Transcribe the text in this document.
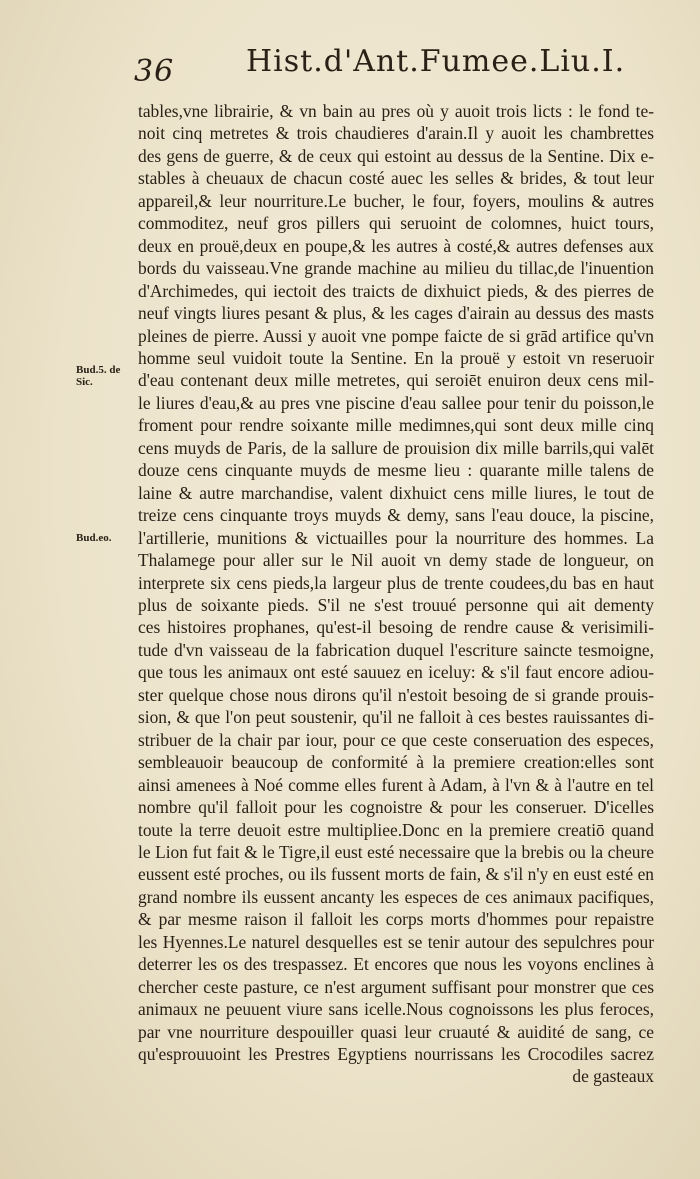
36 Hist.d'Ant.Fumee.Liu.I.
Bud.5. de Sic.
Bud.eo.
tables,vne librairie, & vn bain au pres où y auoit trois licts : le fond te-
noit cinq metretes & trois chaudieres d'arain.Il y auoit les chambrettes
des gens de guerre, & de ceux qui estoint au dessus de la Sentine. Dix e-
stables à cheuaux de chacun costé auec les selles & brides, & tout leur
appareil,& leur nourriture.Le bucher, le four, foyers, moulins & autres
commoditez, neuf gros pillers qui seruoint de colomnes, huict tours,
deux en prouë,deux en poupe,& les autres à costé,& autres defenses aux
bords du vaisseau.Vne grande machine au milieu du tillac,de l'inuention
d'Archimedes, qui iectoit des traicts de dixhuict pieds, & des pierres de
neuf vingts liures pesant & plus, & les cages d'airain au dessus des masts
pleines de pierre. Aussi y auoit vne pompe faicte de si grād artifice qu'vn
homme seul vuidoit toute la Sentine. En la prouë y estoit vn reseruoir
d'eau contenant deux mille metretes, qui seroiēt enuiron deux cens mil-
le liures d'eau,& au pres vne piscine d'eau sallee pour tenir du poisson,le
froment pour rendre soixante mille medimnes,qui sont deux mille cinq
cens muyds de Paris, de la sallure de prouision dix mille barrils,qui valēt
douze cens cinquante muyds de mesme lieu : quarante mille talens de
laine & autre marchandise, valent dixhuict cens mille liures, le tout de
treize cens cinquante troys muyds & demy, sans l'eau douce, la piscine,
l'artillerie, munitions & victuailles pour la nourriture des hommes. La
Thalamege pour aller sur le Nil auoit vn demy stade de longueur, on
interprete six cens pieds,la largeur plus de trente coudees,du bas en haut
plus de soixante pieds. S'il ne s'est trouué personne qui ait dementy
ces histoires prophanes, qu'est-il besoing de rendre cause & verisimili-
tude d'vn vaisseau de la fabrication duquel l'escriture saincte tesmoigne,
que tous les animaux ont esté sauuez en iceluy: & s'il faut encore adiou-
ster quelque chose nous dirons qu'il n'estoit besoing de si grande prouis-
sion, & que l'on peut soustenir, qu'il ne falloit à ces bestes rauissantes di-
stribuer de la chair par iour, pour ce que ceste conseruation des especes,
sembleauoir beaucoup de conformité à la premiere creation:elles sont
ainsi amenees à Noé comme elles furent à Adam, à l'vn & à l'autre en tel
nombre qu'il falloit pour les cognoistre & pour les conseruer. D'icelles
toute la terre deuoit estre multipliee.Donc en la premiere creatiō quand
le Lion fut fait & le Tigre,il eust esté necessaire que la brebis ou la cheure
eussent esté proches, ou ils fussent morts de fain, & s'il n'y en eust esté en
grand nombre ils eussent ancanty les especes de ces animaux pacifiques,
& par mesme raison il falloit les corps morts d'hommes pour repaistre
les Hyennes.Le naturel desquelles est se tenir autour des sepulchres pour
deterrer les os des trespassez. Et encores que nous les voyons enclines à
chercher ceste pasture, ce n'est argument suffisant pour monstrer que ces
animaux ne peuuent viure sans icelle.Nous cognoissons les plus feroces,
par vne nourriture despouiller quasi leur cruauté & auidité de sang, ce
qu'esprouuoint les Prestres Egyptiens nourrissans les Crocodiles sacrez
de gasteaux
